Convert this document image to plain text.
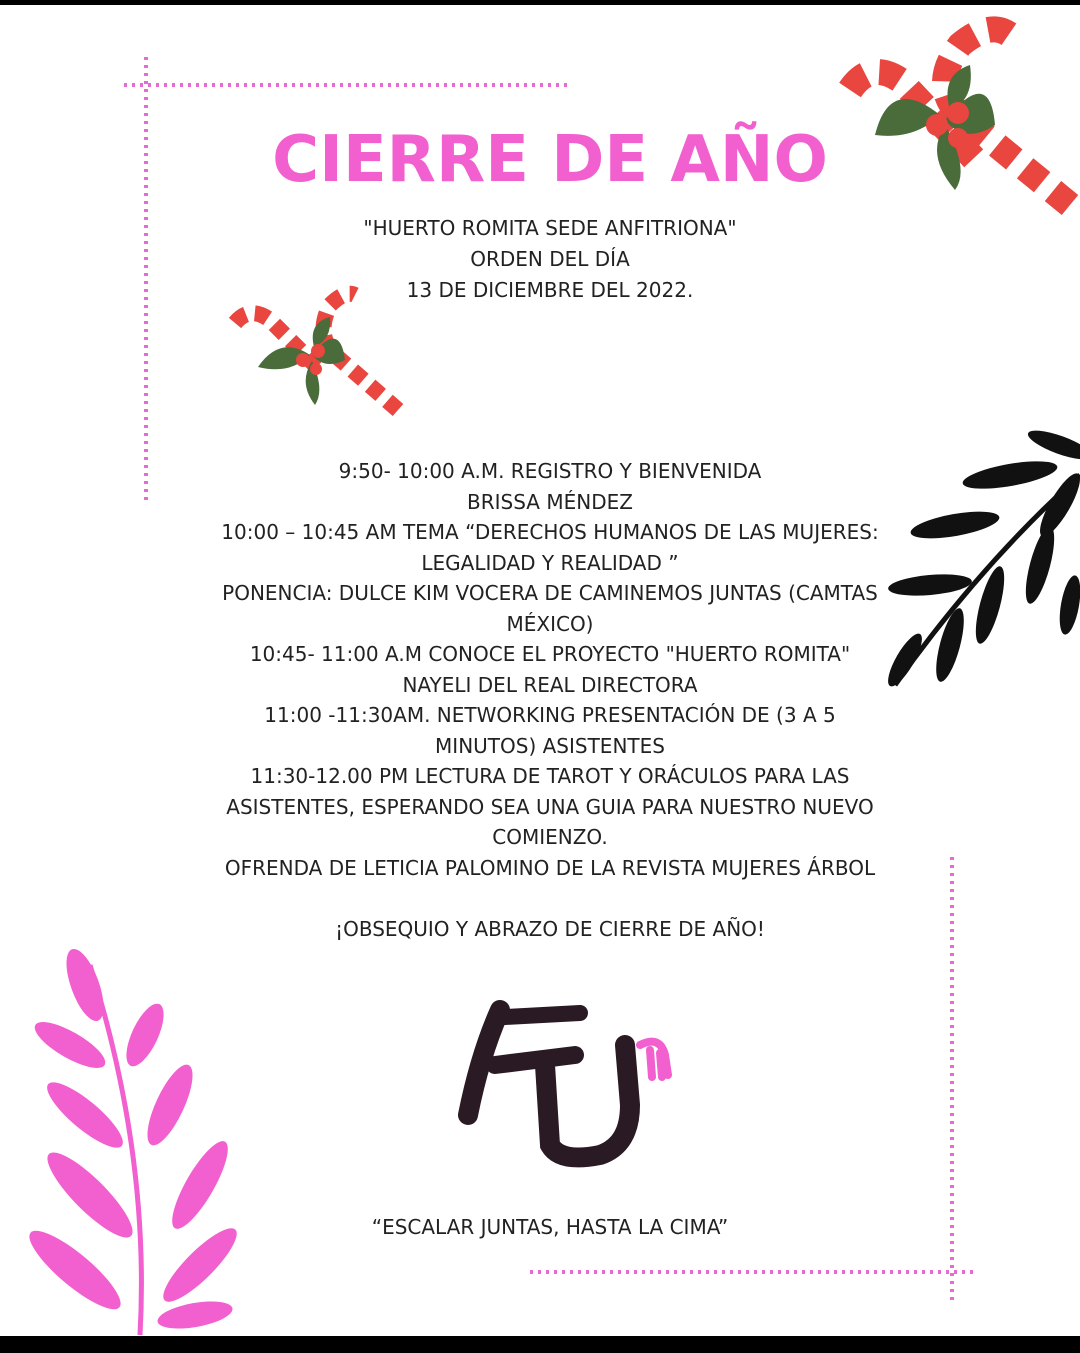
CIERRE DE AÑO
"HUERTO ROMITA SEDE ANFITRIONA"
ORDEN DEL DÍA
13 DE DICIEMBRE DEL 2022.
9:50- 10:00 A.M. REGISTRO Y BIENVENIDA
BRISSA MÉNDEZ
10:00 – 10:45 AM TEMA “DERECHOS HUMANOS DE LAS MUJERES:
LEGALIDAD Y REALIDAD ”
PONENCIA: DULCE KIM VOCERA DE CAMINEMOS JUNTAS (CAMTAS
MÉXICO)
10:45- 11:00 A.M CONOCE EL PROYECTO "HUERTO ROMITA"
NAYELI DEL REAL DIRECTORA
11:00 -11:30AM. NETWORKING PRESENTACIÓN DE (3 A 5
MINUTOS) ASISTENTES
11:30-12.00 PM LECTURA DE TAROT Y ORÁCULOS PARA LAS
ASISTENTES, ESPERANDO SEA UNA GUIA PARA NUESTRO NUEVO
COMIENZO.
OFRENDA DE LETICIA PALOMINO DE LA REVISTA MUJERES ÁRBOL
¡OBSEQUIO Y ABRAZO DE CIERRE DE AÑO!
“ESCALAR JUNTAS, HASTA LA CIMA”
